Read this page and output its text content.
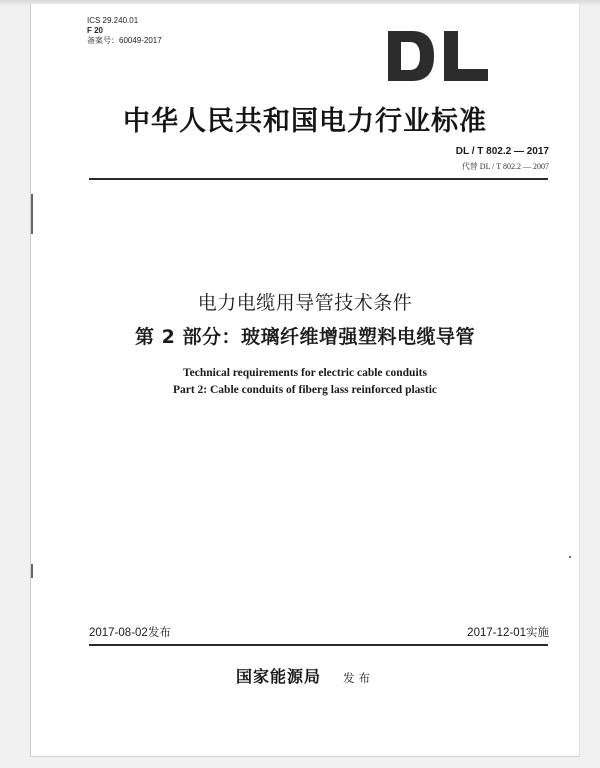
ICS 29.240.01
F 20
备案号：60049-2017
中华人民共和国电力行业标准
DL / T 802.2 — 2017
代替 DL / T 802.2 — 2007
电力电缆用导管技术条件
第 2 部分：玻璃纤维增强塑料电缆导管
Technical requirements for electric cable conduits
Part 2: Cable conduits of fiberg lass reinforced plastic
2017-08-02发布	2017-12-01实施
国家能源局 发布
